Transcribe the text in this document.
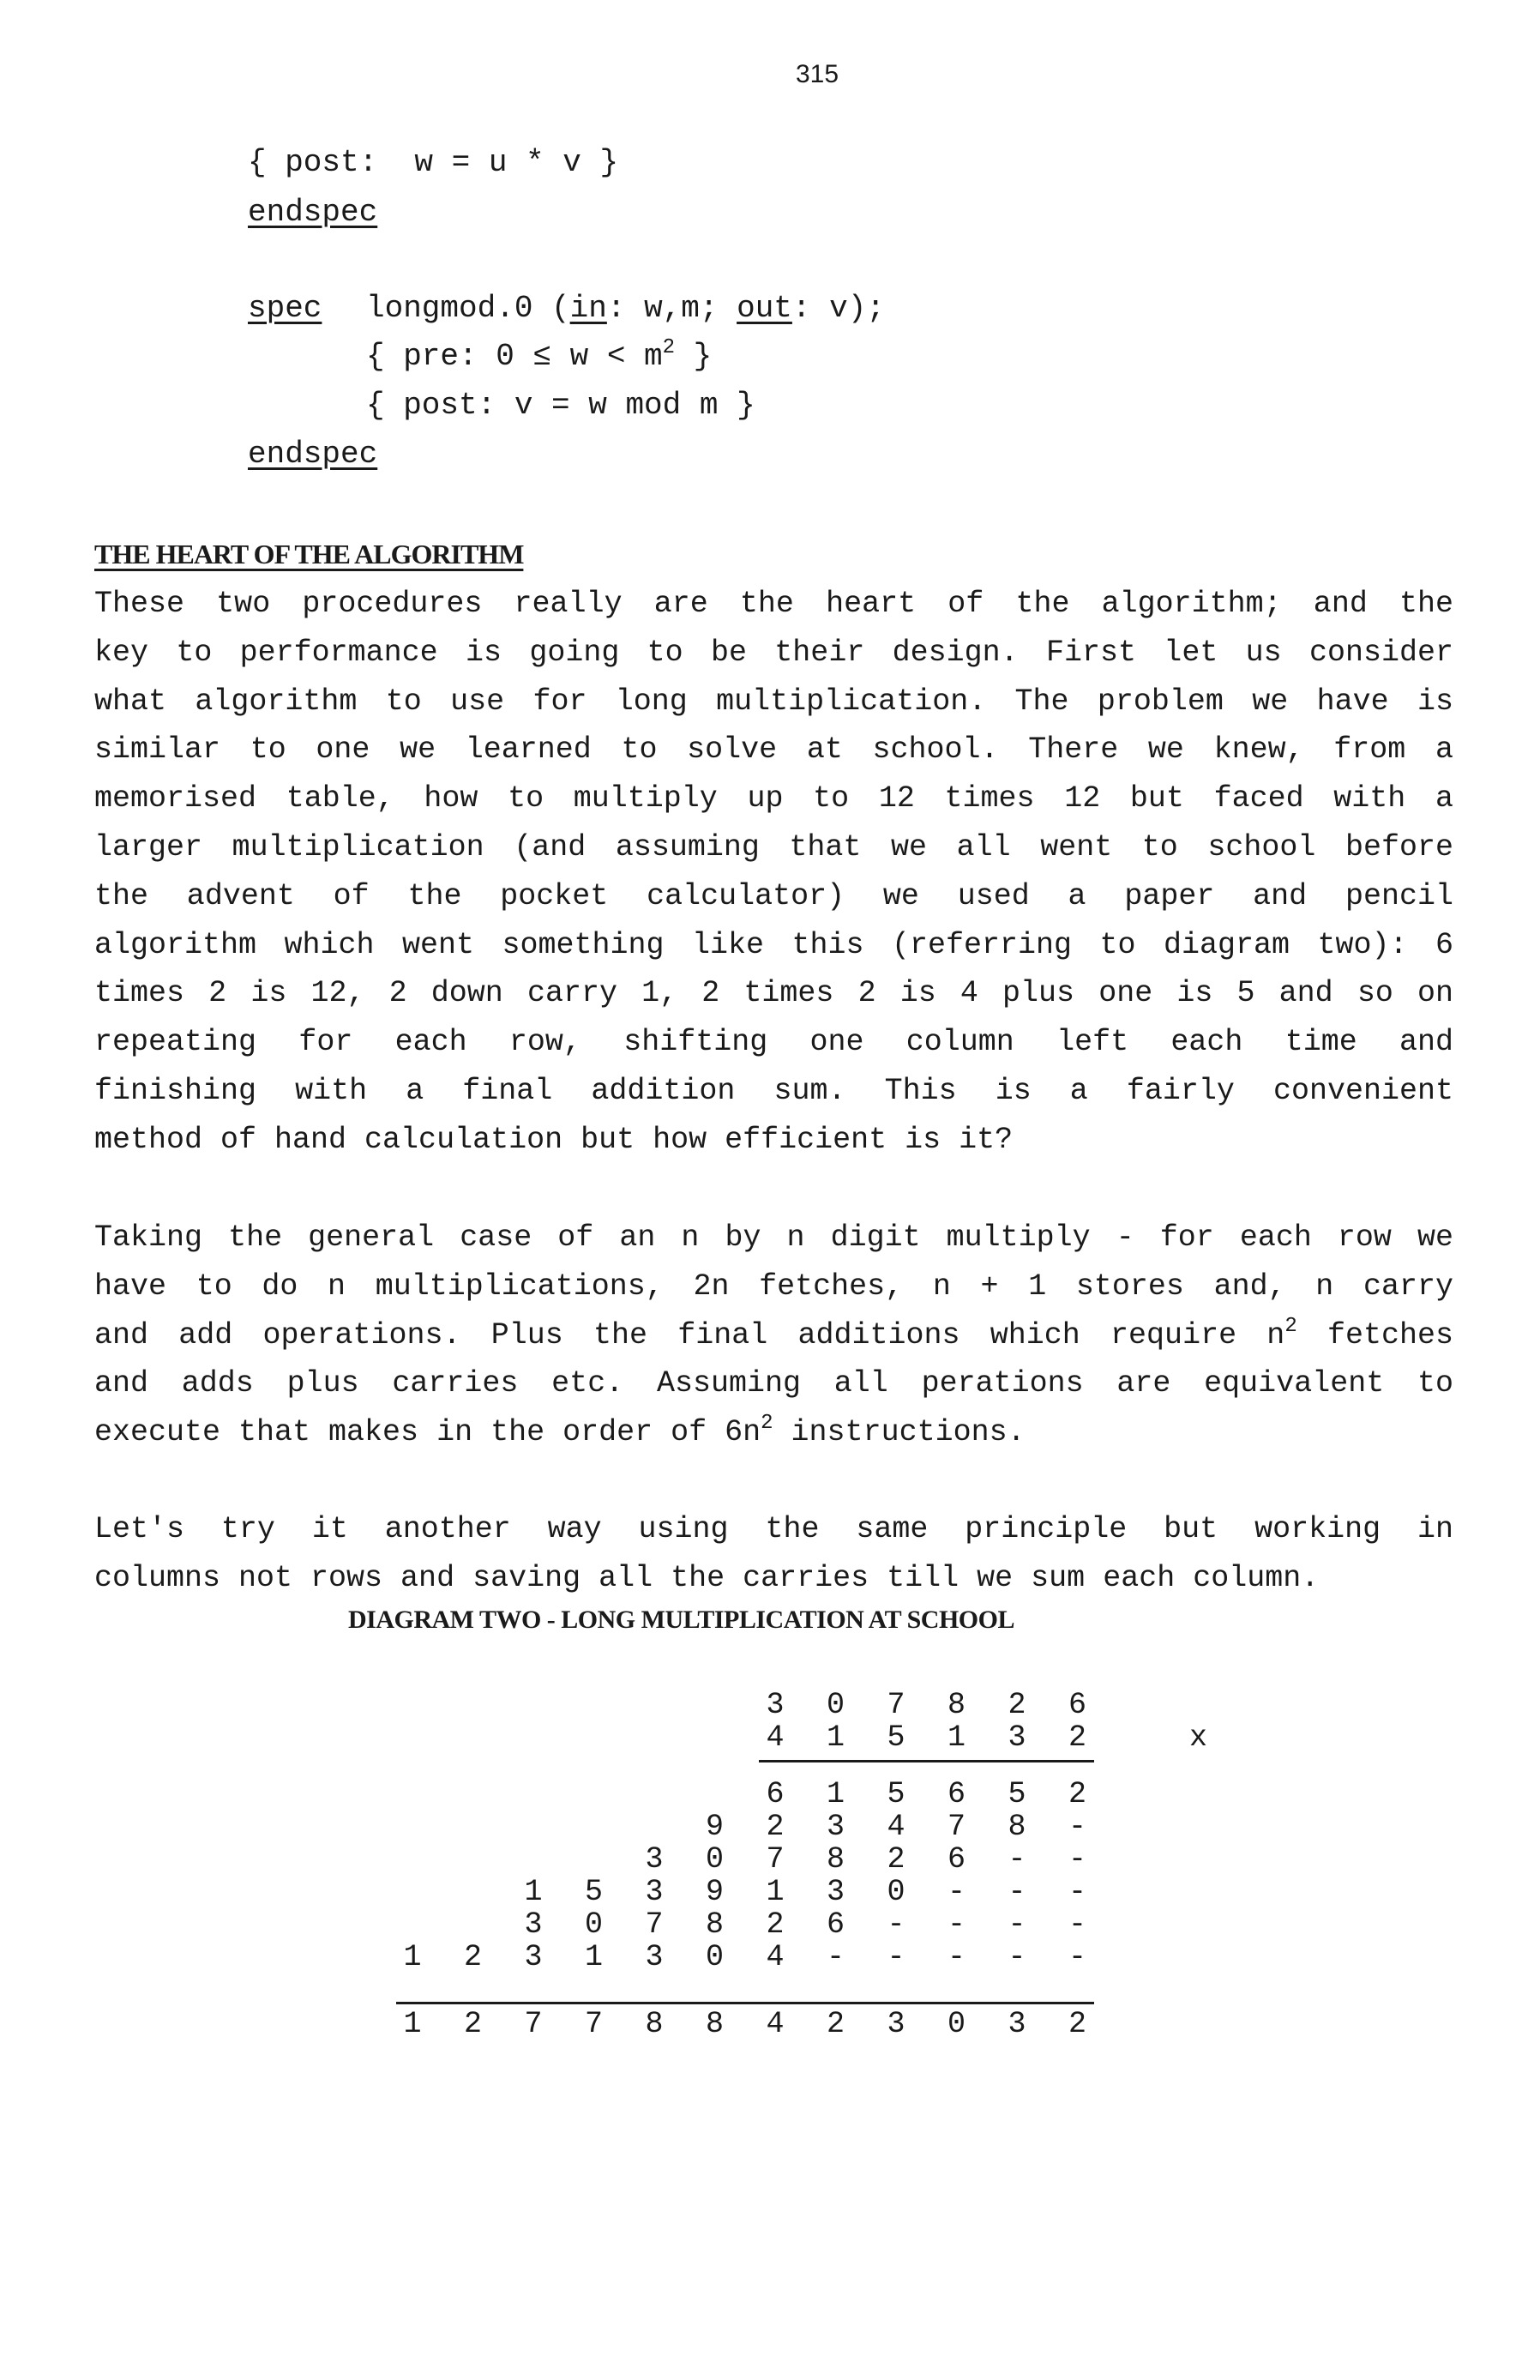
315
{ post:  w = u * v }
endspec
spec longmod.0 (in: w,m; out: v);
{ pre: $0 \le w < m^2$ }
{ post: v = w mod m }
endspec
THE HEART OF THE ALGORITHM
These two procedures really are the heart of the algorithm; and the
key to performance is going to be their design. First let us consider
what algorithm to use for long multiplication. The problem we have is
similar to one we learned to solve at school. There we knew, from a
memorised table, how to multiply up to 12 times 12 but faced with a
larger multiplication (and assuming that we all went to school before
the advent of the pocket calculator) we used a paper and pencil
algorithm which went something like this (referring to diagram two): 6
times 2 is 12, 2 down carry 1, 2 times 2 is 4 plus one is 5 and so on
repeating for each row, shifting one column left each time and
finishing with a final addition sum. This is a fairly convenient
method of hand calculation but how efficient is it?
Taking the general case of an n by n digit multiply - for each row we
have to do n multiplications, 2n fetches, n + 1 stores and, n carry
and add operations. Plus the final additions which require $n^2$ fetches
and adds plus carries etc. Assuming all perations are equivalent to
execute that makes in the order of $6n^2$ instructions.
Let's try it another way using the same principle but working in
columns not rows and saving all the carries till we sum each column.
DIAGRAM TWO - LONG MULTIPLICATION AT SCHOOL
3 0 7 8 2 6
4 1 5 1 3 2	x
6 1 5 6 5 2
9 2 3 4 7 8 -
3 0 7 8 2 6 - -
1 5 3 9 1 3 0 - - -
3 0 7 8 2 6 - - - -
1 2 3 1 3 0 4 - - - - -
1 2 7 7 8 8 4 2 3 0 3 2
